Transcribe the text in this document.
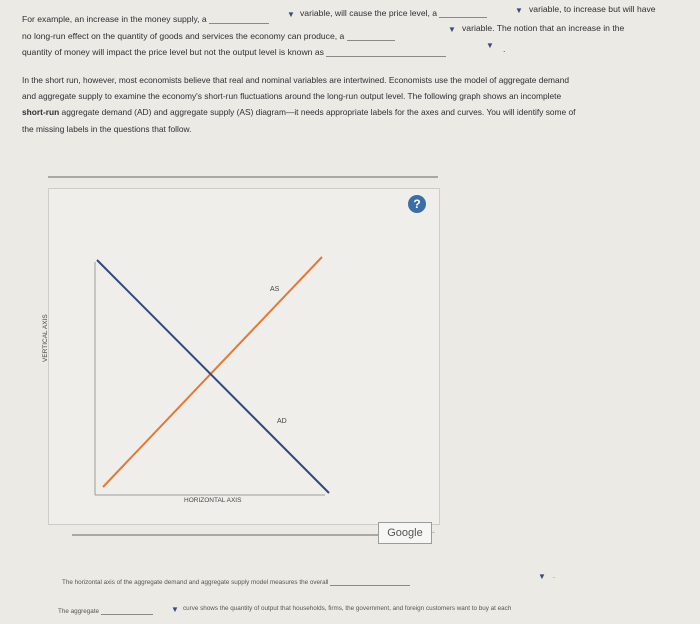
For example, an increase in the money supply, a	▼ variable, will cause the price level, a	▼ variable, to increase but will have
no long-run effect on the quantity of goods and services the economy can produce, a
▼ variable. The notion that an increase in the
quantity of money will impact the price level but not the output level is known as
▼ .
In the short run, however, most economists believe that real and nominal variables are intertwined. Economists use the model of aggregate demand
and aggregate supply to examine the economy's short-run fluctuations around the long-run output level. The following graph shows an incomplete
short-run aggregate demand (AD) and aggregate supply (AS) diagram—it needs appropriate labels for the axes and curves. You will identify some of
the missing labels in the questions that follow.
?
AS
AD
HORIZONTAL AXIS
VERTICAL AXIS
Google	-
The horizontal axis of the aggregate demand and aggregate supply model measures the overall
▼ .
The aggregate	▼ curve shows the quantity of output that households, firms, the government, and foreign customers want to buy at each
